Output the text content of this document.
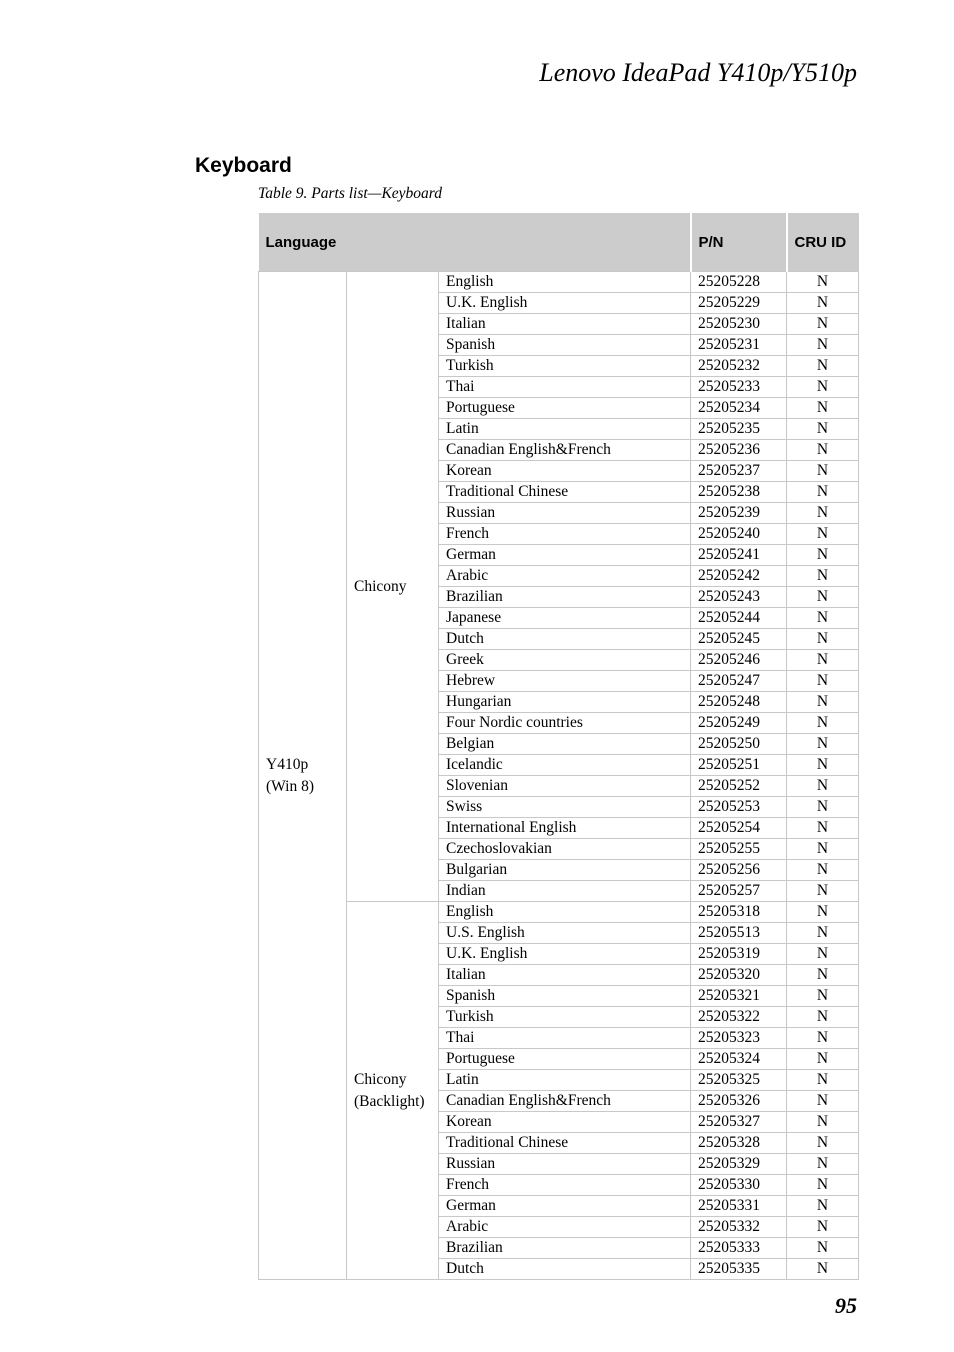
Lenovo IdeaPad Y410p/Y510p
Keyboard
Table 9. Parts list—Keyboard
Language			P/N	CRU ID

Y410p
(Win 8)	Chicony	English	25205228	N
		U.K. English	25205229	N
		Italian	25205230	N
		Spanish	25205231	N
		Turkish	25205232	N
		Thai	25205233	N
		Portuguese	25205234	N
		Latin	25205235	N
		Canadian English&French	25205236	N
		Korean	25205237	N
		Traditional Chinese	25205238	N
		Russian	25205239	N
		French	25205240	N
		German	25205241	N
		Arabic	25205242	N
		Brazilian	25205243	N
		Japanese	25205244	N
		Dutch	25205245	N
		Greek	25205246	N
		Hebrew	25205247	N
		Hungarian	25205248	N
		Four Nordic countries	25205249	N
		Belgian	25205250	N
		Icelandic	25205251	N
		Slovenian	25205252	N
		Swiss	25205253	N
		International English	25205254	N
		Czechoslovakian	25205255	N
		Bulgarian	25205256	N
		Indian	25205257	N

	Chicony
(Backlight)	English	25205318	N
		U.S. English	25205513	N
		U.K. English	25205319	N
		Italian	25205320	N
		Spanish	25205321	N
		Turkish	25205322	N
		Thai	25205323	N
		Portuguese	25205324	N
		Latin	25205325	N
		Canadian English&French	25205326	N
		Korean	25205327	N
		Traditional Chinese	25205328	N
		Russian	25205329	N
		French	25205330	N
		German	25205331	N
		Arabic	25205332	N
		Brazilian	25205333	N
		Dutch	25205335	N
95
